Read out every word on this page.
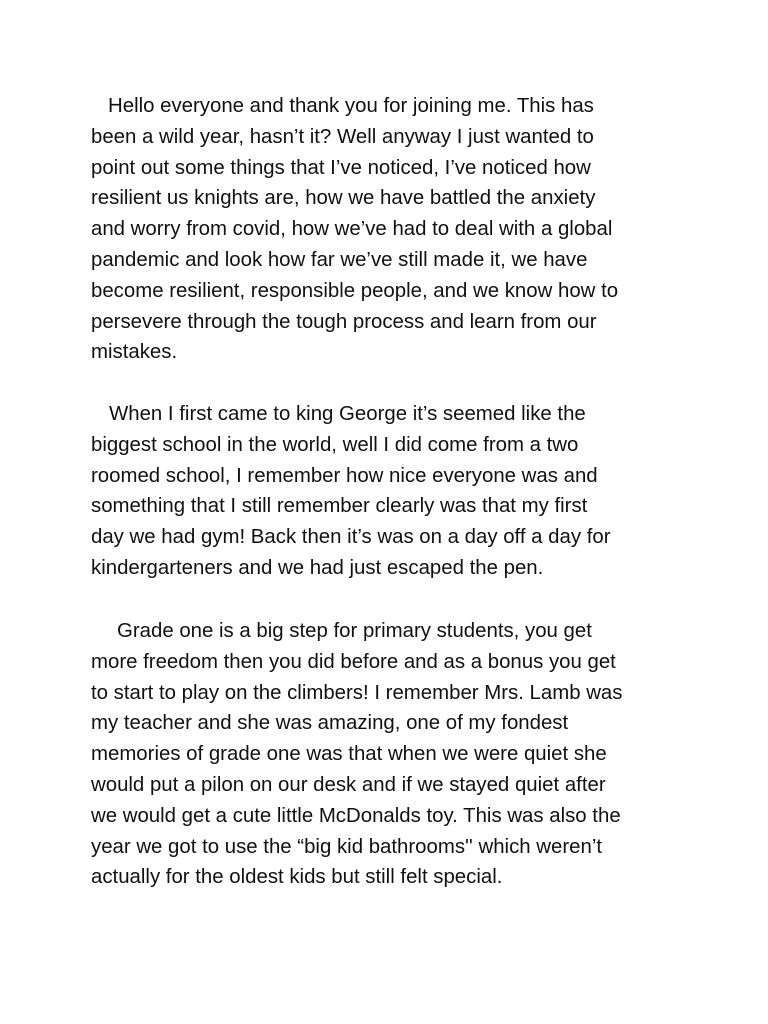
Hello everyone and thank you for joining me. This has
been a wild year, hasn’t it? Well anyway I just wanted to
point out some things that I’ve noticed, I’ve noticed how
resilient us knights are, how we have battled the anxiety
and worry from covid, how we’ve had to deal with a global
pandemic and look how far we’ve still made it, we have
become resilient, responsible people, and we know how to
persevere through the tough process and learn from our
mistakes.
When I first came to king George it’s seemed like the
biggest school in the world, well I did come from a two
roomed school, I remember how nice everyone was and
something that I still remember clearly was that my first
day we had gym! Back then it’s was on a day off a day for
kindergarteners and we had just escaped the pen.
Grade one is a big step for primary students, you get
more freedom then you did before and as a bonus you get
to start to play on the climbers! I remember Mrs. Lamb was
my teacher and she was amazing, one of my fondest
memories of grade one was that when we were quiet she
would put a pilon on our desk and if we stayed quiet after
we would get a cute little McDonalds toy. This was also the
year we got to use the “big kid bathrooms'' which weren’t
actually for the oldest kids but still felt special.
